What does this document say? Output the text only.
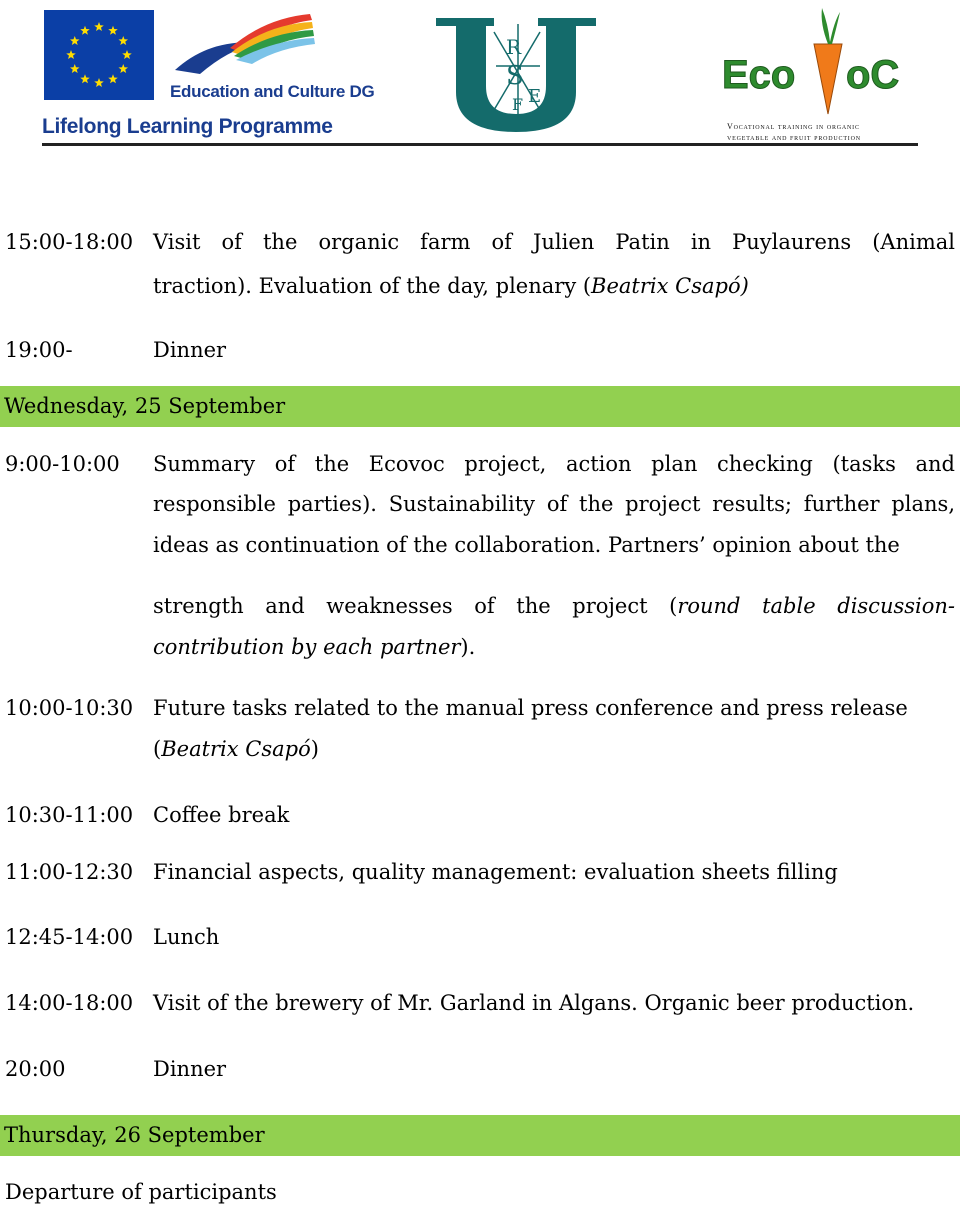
Education and Culture DG
Lifelong Learning Programme
R
S
E
F
Eco oC
Vocational training in organic
vegetable and fruit production
15:00-18:00 Visit of the organic farm of Julien Patin in Puylaurens (Animal
traction). Evaluation of the day, plenary (Beatrix Csapó)
19:00-	Dinner
Wednesday, 25 September
9:00-10:00 Summary of the Ecovoc project, action plan checking (tasks and
responsible parties). Sustainability of the project results; further plans,
ideas as continuation of the collaboration. Partners’ opinion about the
strength and weaknesses of the project (round table discussion-
contribution by each partner).
10:00-10:30 Future tasks related to the manual press conference and press release
(Beatrix Csapó)
10:30-11:00 Coffee break
11:00-12:30 Financial aspects, quality management: evaluation sheets filling
12:45-14:00 Lunch
14:00-18:00 Visit of the brewery of Mr. Garland in Algans. Organic beer production.
20:00	Dinner
Thursday, 26 September
Departure of participants
